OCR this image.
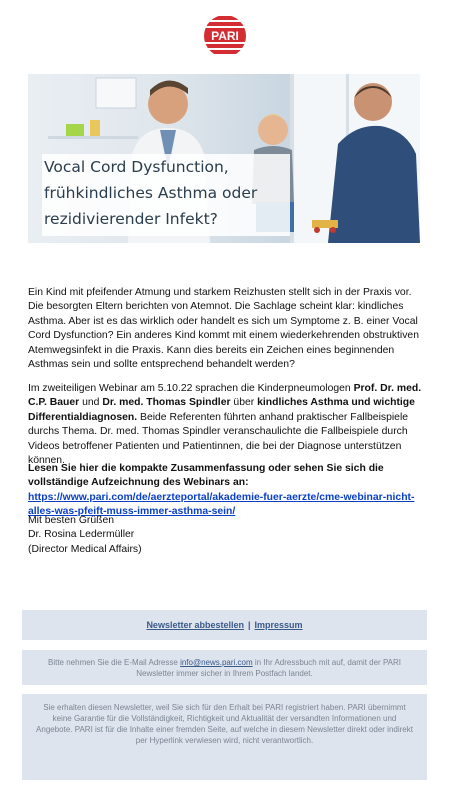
PARI
Vocal Cord Dysfunction,
frühkindliches Asthma oder
rezidivierender Infekt?
Ein Kind mit pfeifender Atmung und starkem Reizhusten stellt sich in der Praxis vor. Die besorgten Eltern berichten von Atemnot. Die Sachlage scheint klar: kindliches Asthma. Aber ist es das wirklich oder handelt es sich um Symptome z. B. einer Vocal Cord Dysfunction? Ein anderes Kind kommt mit einem wiederkehrenden obstruktiven Atemwegsinfekt in die Praxis. Kann dies bereits ein Zeichen eines beginnenden Asthmas sein und sollte entsprechend behandelt werden?
Im zweiteiligen Webinar am 5.10.22 sprachen die Kinderpneumologen Prof. Dr. med. C.P. Bauer und Dr. med. Thomas Spindler über kindliches Asthma und wichtige Differentialdiagnosen. Beide Referenten führten anhand praktischer Fallbeispiele durchs Thema. Dr. med. Thomas Spindler veranschaulichte die Fallbeispiele durch Videos betroffener Patienten und Patientinnen, die bei der Diagnose unterstützen können.
Lesen Sie hier die kompakte Zusammenfassung oder sehen Sie sich die vollständige Aufzeichnung des Webinars an: https://www.pari.com/de/aerzteportal/akademie-fuer-aerzte/cme-webinar-nicht-alles-was-pfeift-muss-immer-asthma-sein/
Mit besten Grüßen
Dr. Rosina Ledermüller
(Director Medical Affairs)
Newsletter abbestellen | Impressum
Bitte nehmen Sie die E-Mail Adresse info@news.pari.com in Ihr Adressbuch mit auf, damit der PARI Newsletter immer sicher in Ihrem Postfach landet.
Sie erhalten diesen Newsletter, weil Sie sich für den Erhalt bei PARI registriert haben. PARI übernimmt keine Garantie für die Vollständigkeit, Richtigkeit und Aktualität der versandten Informationen und Angebote. PARI ist für die Inhalte einer fremden Seite, auf welche in diesem Newsletter direkt oder indirekt per Hyperlink verwiesen wird, nicht verantwortlich.
